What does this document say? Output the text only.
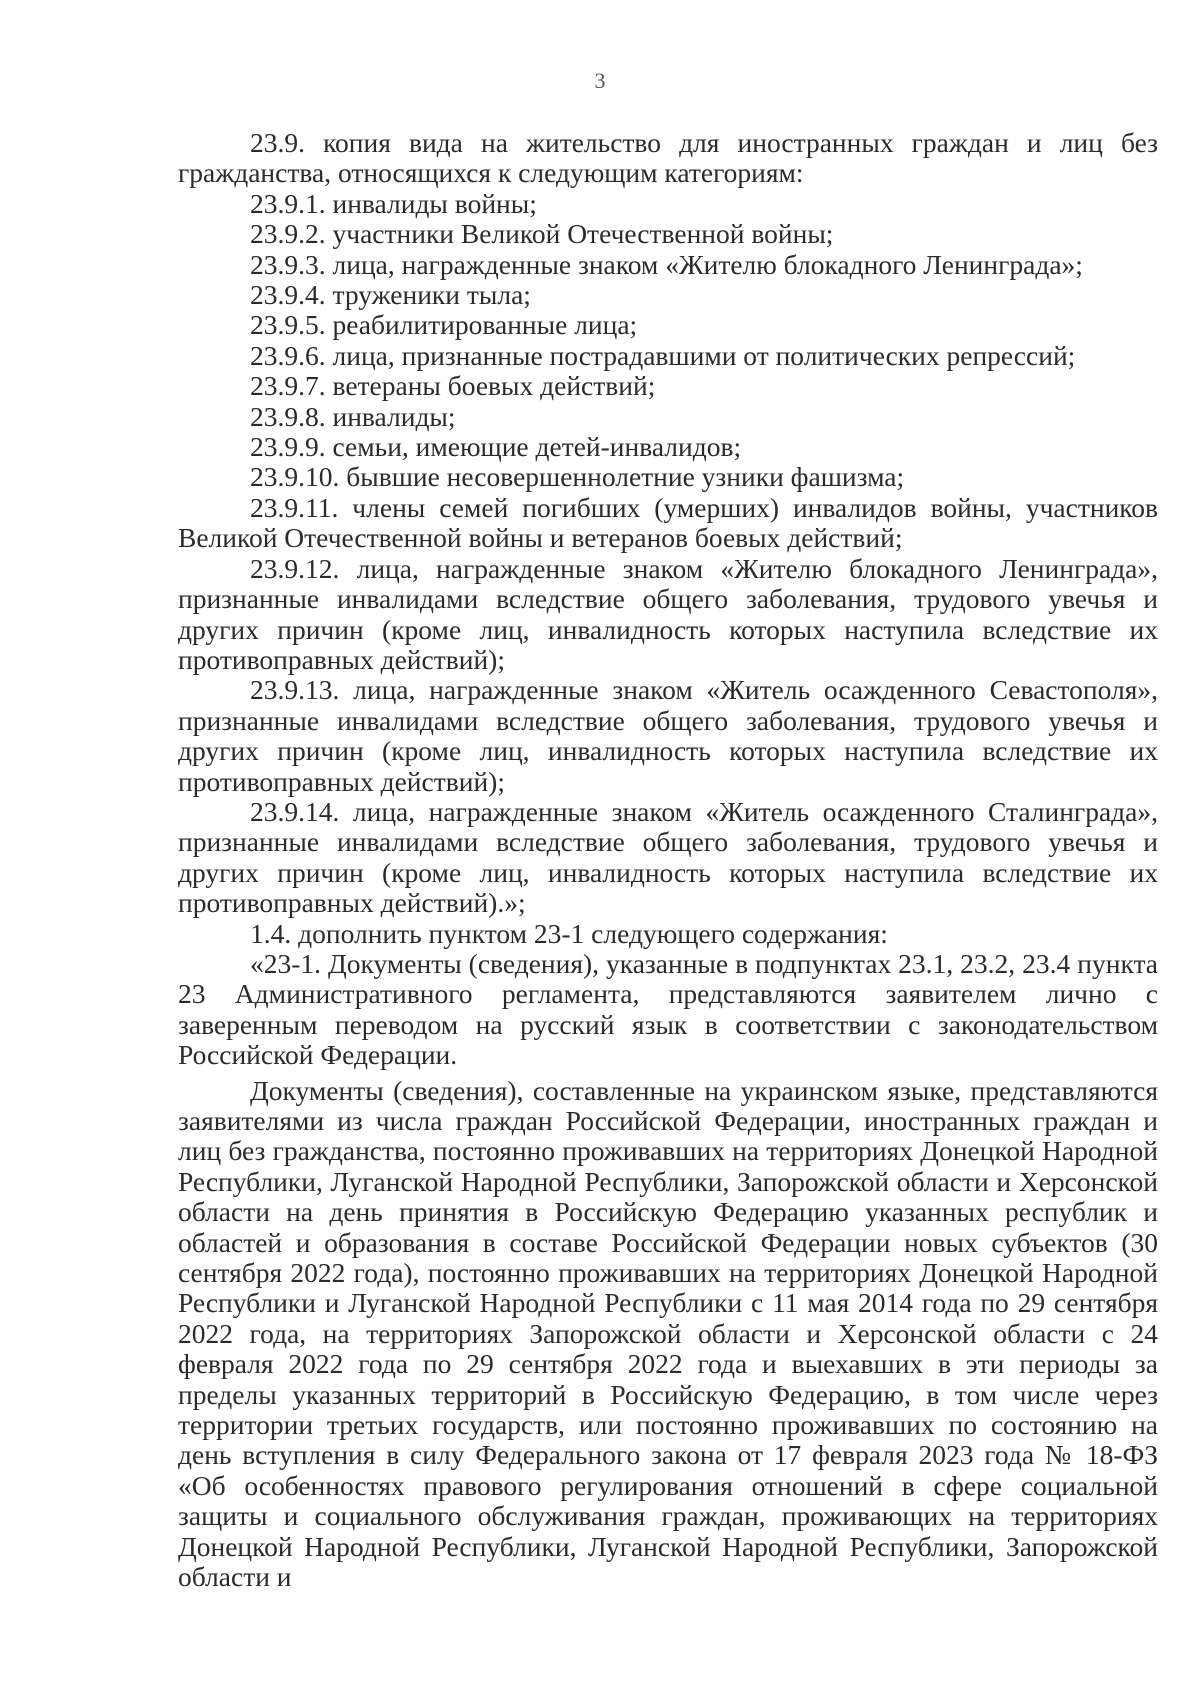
3

23.9. копия вида на жительство для иностранных граждан и лиц без гражданства, относящихся к следующим категориям:

23.9.1. инвалиды войны;

23.9.2. участники Великой Отечественной войны;

23.9.3. лица, награжденные знаком «Жителю блокадного Ленинграда»;

23.9.4. труженики тыла;

23.9.5. реабилитированные лица;

23.9.6. лица, признанные пострадавшими от политических репрессий;

23.9.7. ветераны боевых действий;

23.9.8. инвалиды;

23.9.9. семьи, имеющие детей-инвалидов;

23.9.10. бывшие несовершеннолетние узники фашизма;

23.9.11. члены семей погибших (умерших) инвалидов войны, участников Великой Отечественной войны и ветеранов боевых действий;

23.9.12. лица, награжденные знаком «Жителю блокадного Ленинграда», признанные инвалидами вследствие общего заболевания, трудового увечья и других причин (кроме лиц, инвалидность которых наступила вследствие их противоправных действий);

23.9.13. лица, награжденные знаком «Житель осажденного Севастополя», признанные инвалидами вследствие общего заболевания, трудового увечья и других причин (кроме лиц, инвалидность которых наступила вследствие их противоправных действий);

23.9.14. лица, награжденные знаком «Житель осажденного Сталинграда», признанные инвалидами вследствие общего заболевания, трудового увечья и других причин (кроме лиц, инвалидность которых наступила вследствие их противоправных действий).»;

1.4. дополнить пунктом 23-1 следующего содержания:

«23-1. Документы (сведения), указанные в подпунктах 23.1, 23.2, 23.4 пункта 23 Административного регламента, представляются заявителем лично с заверенным переводом на русский язык в соответствии с законодательством Российской Федерации.

Документы (сведения), составленные на украинском языке, представляются заявителями из числа граждан Российской Федерации, иностранных граждан и лиц без гражданства, постоянно проживавших на территориях Донецкой Народной Республики, Луганской Народной Республики, Запорожской области и Херсонской области на день принятия в Российскую Федерацию указанных республик и областей и образования в составе Российской Федерации новых субъектов (30 сентября 2022 года), постоянно проживавших на территориях Донецкой Народной Республики и Луганской Народной Республики с 11 мая 2014 года по 29 сентября 2022 года, на территориях Запорожской области и Херсонской области с 24 февраля 2022 года по 29 сентября 2022 года и выехавших в эти периоды за пределы указанных территорий в Российскую Федерацию, в том числе через территории третьих государств, или постоянно проживавших по состоянию на день вступления в силу Федерального закона от 17 февраля 2023 года № 18-ФЗ «Об особенностях правового регулирования отношений в сфере социальной защиты и социального обслуживания граждан, проживающих на территориях Донецкой Народной Республики, Луганской Народной Республики, Запорожской области и
